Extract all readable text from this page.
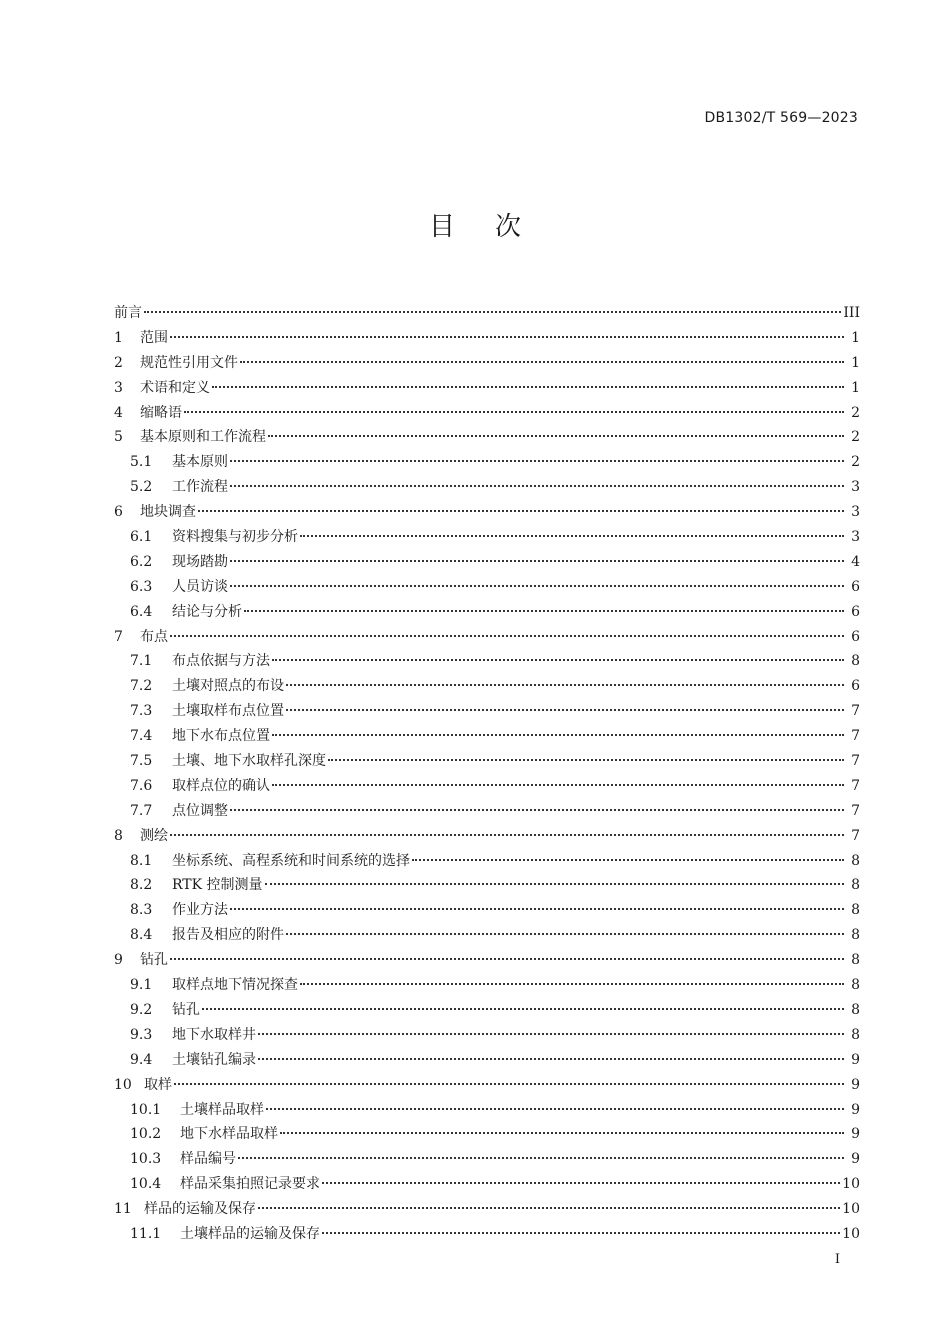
DB1302/T 569—2023
目次
前言	III
1	范围	1
2	规范性引用文件	1
3	术语和定义	1
4	缩略语	2
5	基本原则和工作流程	2
5.1	基本原则	2
5.2	工作流程	3
6	地块调查	3
6.1	资料搜集与初步分析	3
6.2	现场踏勘	4
6.3	人员访谈	6
6.4	结论与分析	6
7	布点	6
7.1	布点依据与方法	8
7.2	土壤对照点的布设	6
7.3	土壤取样布点位置	7
7.4	地下水布点位置	7
7.5	土壤、地下水取样孔深度	7
7.6	取样点位的确认	7
7.7	点位调整	7
8	测绘	7
8.1	坐标系统、高程系统和时间系统的选择	8
8.2	RTK 控制测量	8
8.3	作业方法	8
8.4	报告及相应的附件	8
9	钻孔	8
9.1	取样点地下情况探查	8
9.2	钻孔	8
9.3	地下水取样井	8
9.4	土壤钻孔编录	9
10 取样	9
10.1	土壤样品取样	9
10.2	地下水样品取样	9
10.3	样品编号	9
10.4	样品采集拍照记录要求	10
11 样品的运输及保存	10
11.1	土壤样品的运输及保存	10
I
